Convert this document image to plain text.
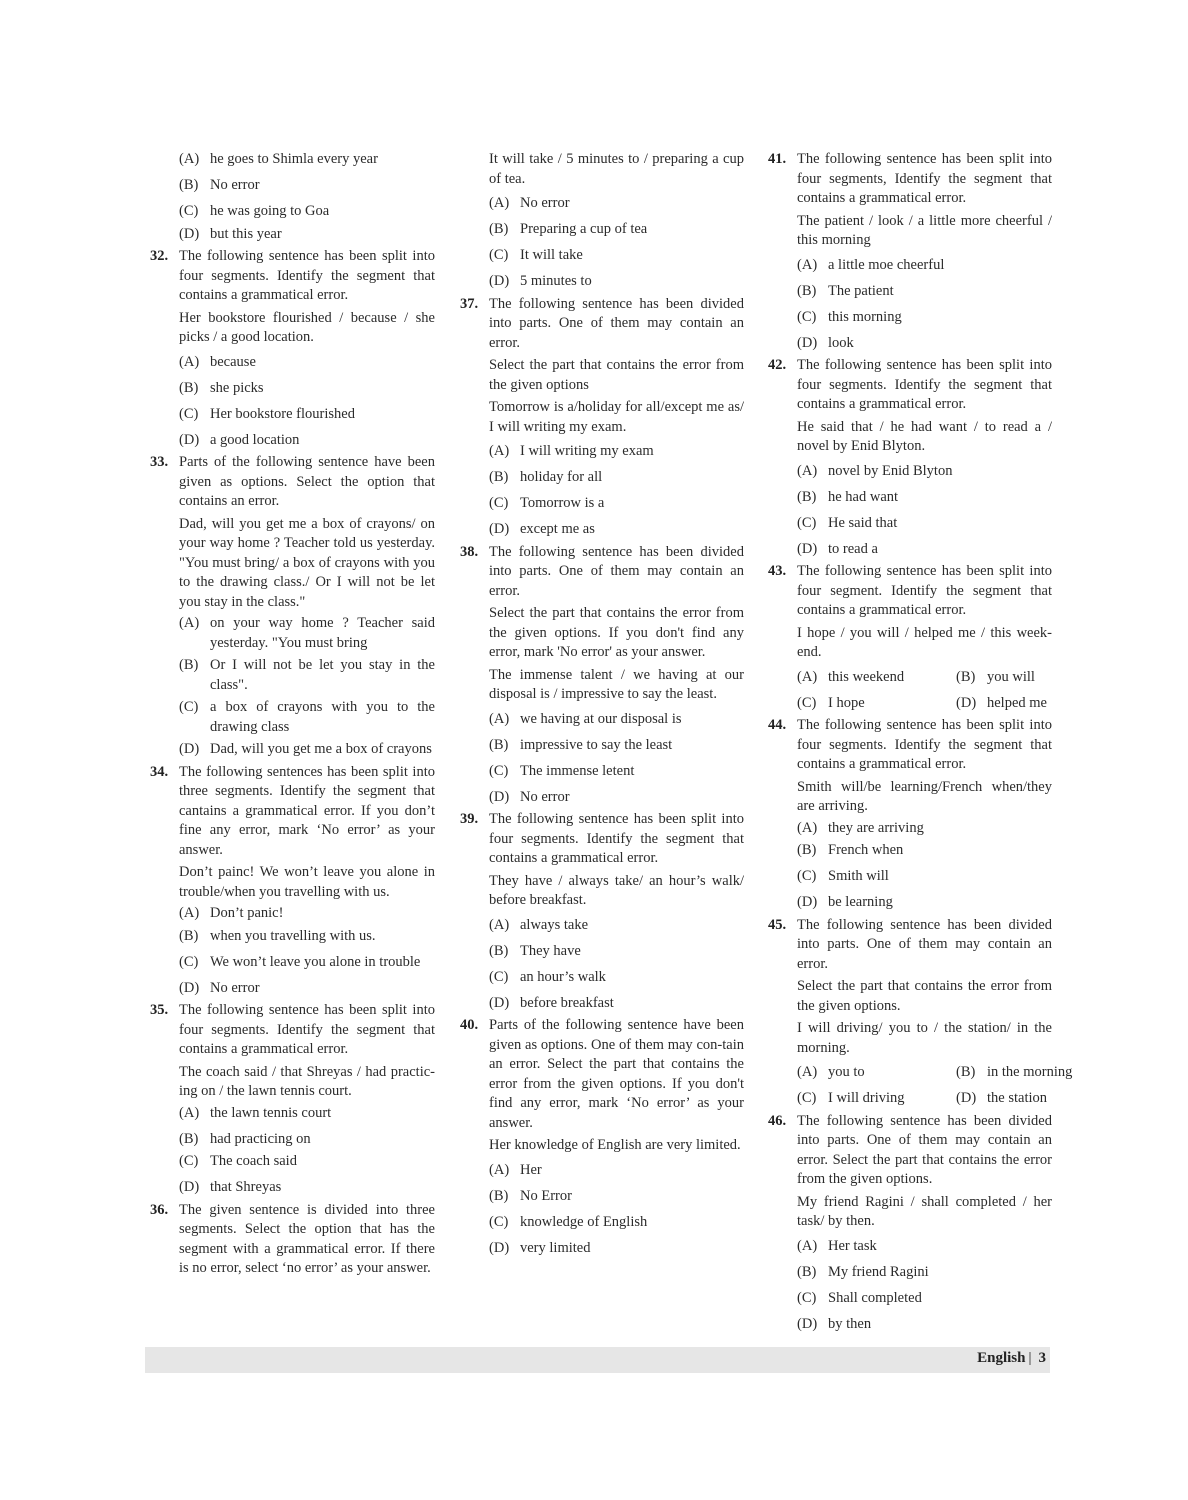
( A )	he goes to Shimla every year
( B )	No error
( C )	he was going to Goa
( D )	but this year
32. The following sentence has been split into four segments. Identify the segment that contains a grammatical error.
Her bookstore flourished / because / she picks / a good location.
( A )	because
( B )	she picks
( C )	Her bookstore flourished
( D )	a good location
33. Parts of the following sentence have been given as options. Select the option that contains an error.
Dad, will you get me a box of crayons/ on your way home ? Teacher told us yesterday. "You must bring/ a box of crayons with you to the drawing class./ Or I will not be let you stay in the class."
( A )	on your way home ? Teacher said yesterday. "You must bring
( B )	Or I will not be let you stay in the class".
( C )	a box of crayons with you to the drawing class
( D )	Dad, will you get me a box of crayons
34. The following sentences has been split into three segments. Identify the segment that cantains a grammatical error. If you don’t fine any error, mark ‘No error’ as your answer.
Don’t painc! We won’t leave you alone in trouble/when you travelling with us.
( A )	Don’t panic!
( B )	when you travelling with us.
( C )	We won’t leave you alone in trouble
( D )	No error
35. The following sentence has been split into four segments. Identify the segment that contains a grammatical error.
The coach said / that Shreyas / had practic-ing on / the lawn tennis court.
( A )	the lawn tennis court
( B )	had practicing on
( C )	The coach said
( D )	that Shreyas
36. The given sentence is divided into three segments. Select the option that has the segment with a grammatical error. If there is no error, select ‘no error’ as your answer.
It will take / 5 minutes to / preparing a cup of tea.
( A )	No error
( B )	Preparing a cup of tea
( C )	It will take
( D )	5 minutes to
37. The following sentence has been divided into parts. One of them may contain an error.
Select the part that contains the error from the given options
Tomorrow is a/holiday for all/except me as/ I will writing my exam.
( A )	I will writing my exam
( B )	holiday for all
( C )	Tomorrow is a
( D )	except me as
38. The following sentence has been divided into parts. One of them may contain an error.
Select the part that contains the error from the given options. If you don't find any error, mark 'No error' as your answer.
The immense talent / we having at our disposal is / impressive to say the least.
( A )	we having at our disposal is
( B )	impressive to say the least
( C )	The immense letent
( D )	No error
39. The following sentence has been split into four segments. Identify the segment that contains a grammatical error.
They have / always take/ an hour’s walk/ before breakfast.
( A )	always take
( B )	They have
( C )	an hour’s walk
( D )	before breakfast
40. Parts of the following sentence have been given as options. One of them may con-tain an error. Select the part that contains the error from the given options. If you don't find any error, mark ‘No error’ as your answer.
Her knowledge of English are very limited.
( A )	Her
( B )	No Error
( C )	knowledge of English
( D )	very limited
41. The following sentence has been split into four segments, Identify the segment that contains a grammatical error.
The patient / look / a little more cheerful / this morning
( A )	a little moe cheerful
( B )	The patient
( C )	this morning
( D )	look
42. The following sentence has been split into four segments. Identify the segment that contains a grammatical error.
He said that / he had want / to read a / novel by Enid Blyton.
( A )	novel by Enid Blyton
( B )	he had want
( C )	He said that
( D )	to read a
43. The following sentence has been split into four segment. Identify the segment that contains a grammatical error.
I hope / you will / helped me / this week-end.
( A )	this weekend	( B )	you will
( C )	I hope	( D )	helped me
44. The following sentence has been split into four segments. Identify the segment that contains a grammatical error.
Smith will/be learning/French when/they are arriving.
( A )	they are arriving
( B )	French when
( C )	Smith will
( D )	be learning
45. The following sentence has been divided into parts. One of them may contain an error.
Select the part that contains the error from the given options.
I will driving/ you to / the station/ in the morning.
( A )	you to	( B )	in the morning
( C )	I will driving	( D )	the station
46. The following sentence has been divided into parts. One of them may contain an error. Select the part that contains the error from the given options.
My friend Ragini / shall completed / her task/ by then.
( A )	Her task
( B )	My friend Ragini
( C )	Shall completed
( D )	by then
English | 3
